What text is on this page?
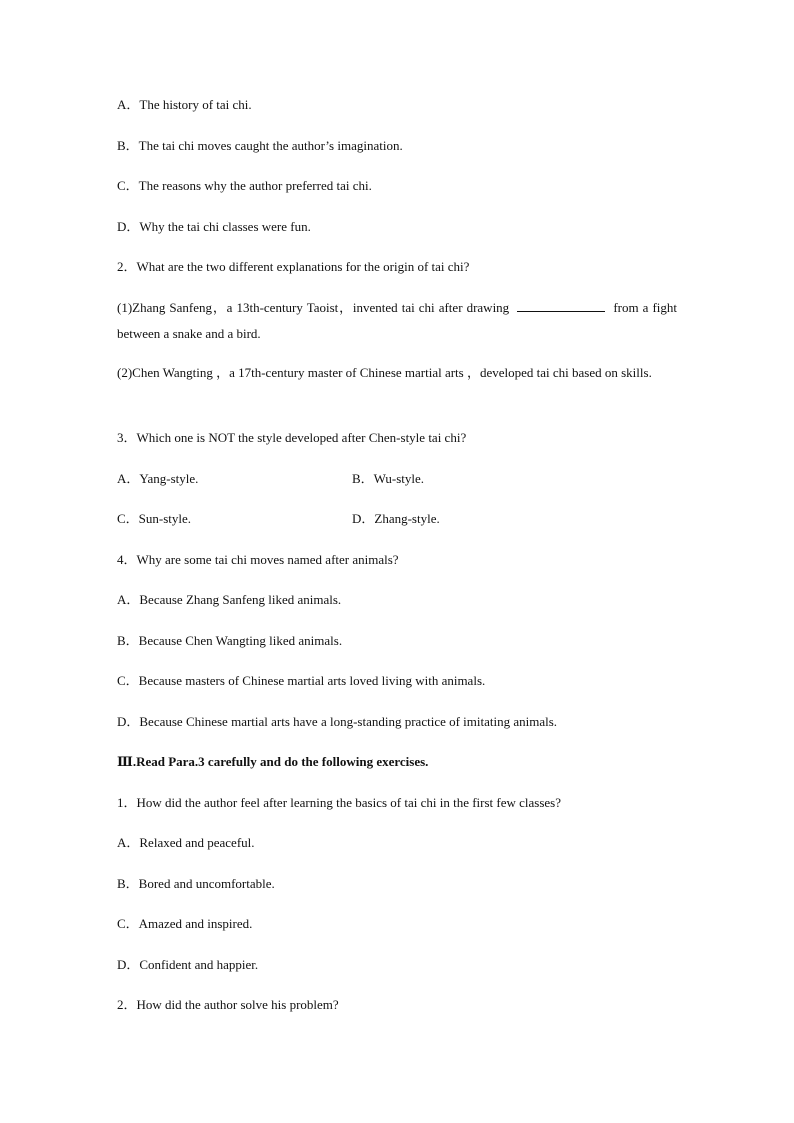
A．The history of tai chi.
B．The tai chi moves caught the author’s imagination.
C．The reasons why the author preferred tai chi.
D．Why the tai chi classes were fun.
2．What are the two different explanations for the origin of tai chi?
(1)Zhang Sanfeng，a 13th-century Taoist，invented tai chi after drawing	from a fight between a snake and a bird.
(2)Chen Wangting ，a 17th-century master of Chinese martial arts ，developed tai chi based on skills.
3．Which one is NOT the style developed after Chen-style tai chi?
A．Yang-style.	B．Wu-style.
C．Sun-style.	D．Zhang-style.
4．Why are some tai chi moves named after animals?
A．Because Zhang Sanfeng liked animals.
B．Because Chen Wangting liked animals.
C．Because masters of Chinese martial arts loved living with animals.
D．Because Chinese martial arts have a long-standing practice of imitating animals.
Ⅲ.Read Para.3 carefully and do the following exercises.
1．How did the author feel after learning the basics of tai chi in the first few classes?
A．Relaxed and peaceful.
B．Bored and uncomfortable.
C．Amazed and inspired.
D．Confident and happier.
2．How did the author solve his problem?
